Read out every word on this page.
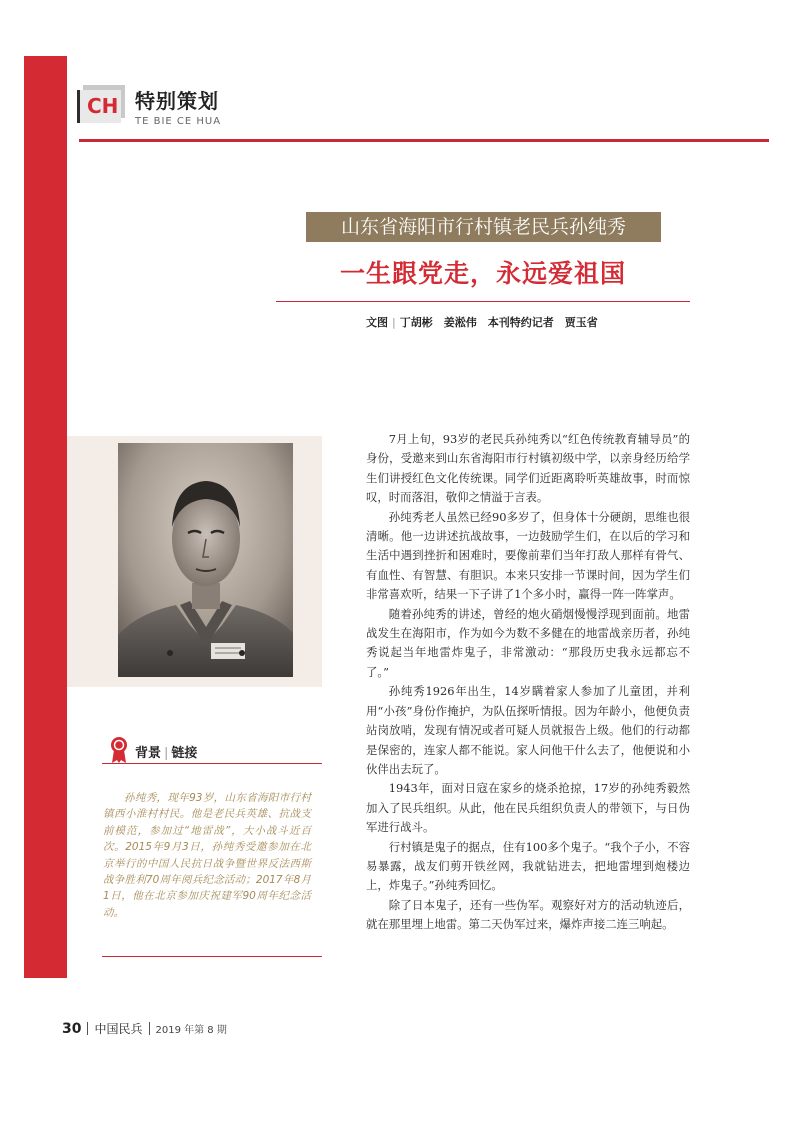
CH 特别策划
TE BIE CE HUA
山东省海阳市行村镇老民兵孙纯秀
一生跟党走，永远爱祖国
文图 | 丁胡彬　姜淞伟　本刊特约记者　贾玉省
背景 | 链接
孙纯秀，现年93岁，山东省海阳市行村镇西小淮村村民。他是老民兵英雄、抗战支前模范，参加过“地雷战”，大小战斗近百次。2015年9月3日，孙纯秀受邀参加在北京举行的中国人民抗日战争暨世界反法西斯战争胜利70周年阅兵纪念活动；2017年8月1日，他在北京参加庆祝建军90周年纪念活动。

7月上旬，93岁的老民兵孙纯秀以“红色传统教育辅导员”的身份，受邀来到山东省海阳市行村镇初级中学，以亲身经历给学生们讲授红色文化传统课。同学们近距离聆听英雄故事，时而惊叹，时而落泪，敬仰之情溢于言表。

孙纯秀老人虽然已经90多岁了，但身体十分硬朗，思维也很清晰。他一边讲述抗战故事，一边鼓励学生们，在以后的学习和生活中遇到挫折和困难时，要像前辈们当年打敌人那样有骨气、有血性、有智慧、有胆识。本来只安排一节课时间，因为学生们非常喜欢听，结果一下子讲了1个多小时，赢得一阵一阵掌声。

随着孙纯秀的讲述，曾经的炮火硝烟慢慢浮现到面前。地雷战发生在海阳市，作为如今为数不多健在的地雷战亲历者，孙纯秀说起当年地雷炸鬼子，非常激动：“那段历史我永远都忘不了。”

孙纯秀1926年出生，14岁瞒着家人参加了儿童团，并利用“小孩”身份作掩护，为队伍探听情报。因为年龄小，他便负责站岗放哨，发现有情况或者可疑人员就报告上级。他们的行动都是保密的，连家人都不能说。家人问他干什么去了，他便说和小伙伴出去玩了。

1943年，面对日寇在家乡的烧杀抢掠，17岁的孙纯秀毅然加入了民兵组织。从此，他在民兵组织负责人的带领下，与日伪军进行战斗。

行村镇是鬼子的据点，住有100多个鬼子。“我个子小，不容易暴露，战友们剪开铁丝网，我就钻进去，把地雷埋到炮楼边上，炸鬼子。”孙纯秀回忆。

除了日本鬼子，还有一些伪军。观察好对方的活动轨迹后，就在那里埋上地雷。第二天伪军过来，爆炸声接二连三响起。

30 中国民兵 2019 年第 8 期
